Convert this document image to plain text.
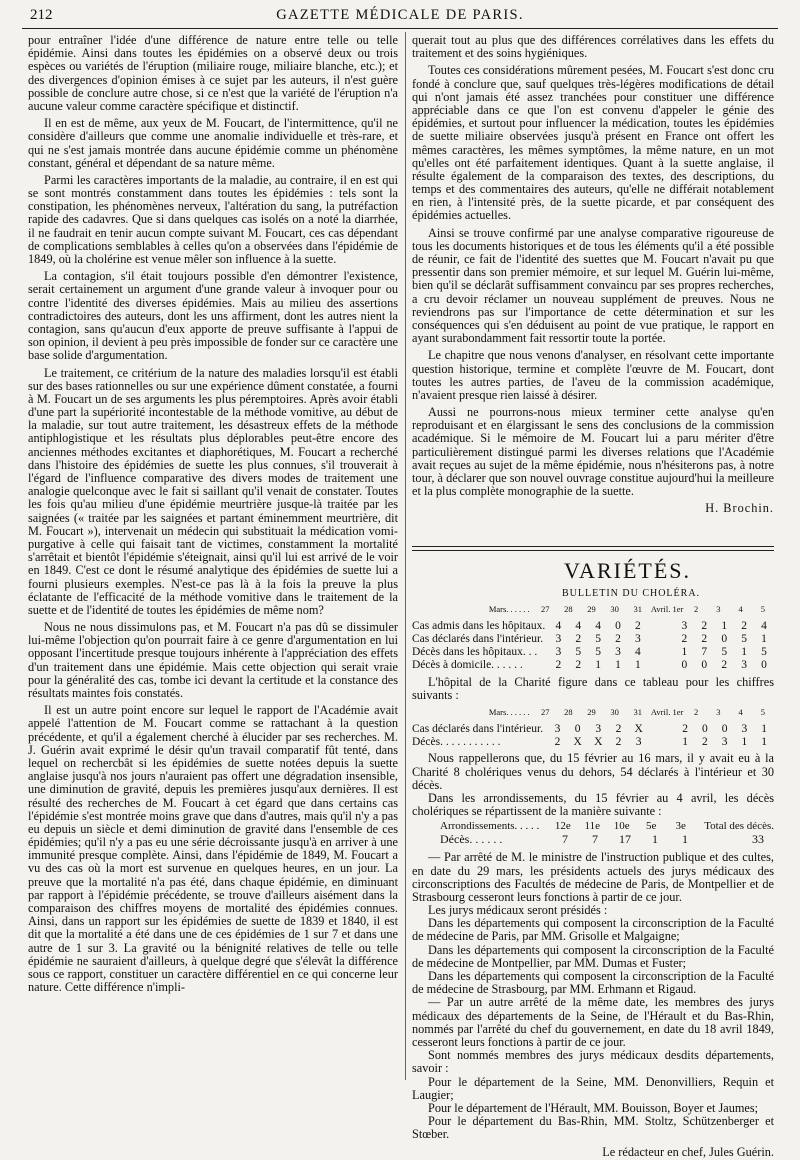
212	GAZETTE MÉDICALE DE PARIS.

pour entraîner l'idée d'une différence de nature entre telle ou telle épidémie. Ainsi dans toutes les épidémies on a observé deux ou trois espèces ou variétés de l'éruption (miliaire rouge, miliaire blanche, etc.); et des divergences d'opinion émises à ce sujet par les auteurs, il n'est guère possible de conclure autre chose, si ce n'est que la variété de l'éruption n'a aucune valeur comme caractère spécifique et distinctif.

Il en est de même, aux yeux de M. Foucart, de l'intermittence, qu'il ne considère d'ailleurs que comme une anomalie individuelle et très-rare, et qui ne s'est jamais montrée dans aucune épidémie comme un phénomène constant, général et dépendant de sa nature même.

Parmi les caractères importants de la maladie, au contraire, il en est qui se sont montrés constamment dans toutes les épidémies : tels sont la constipation, les phénomènes nerveux, l'altération du sang, la putréfaction rapide des cadavres. Que si dans quelques cas isolés on a noté la diarrhée, il ne faudrait en tenir aucun compte suivant M. Foucart, ces cas dépendant de complications semblables à celles qu'on a observées dans l'épidémie de 1849, où la cholérine est venue mêler son influence à la suette.

La contagion, s'il était toujours possible d'en démontrer l'existence, serait certainement un argument d'une grande valeur à invoquer pour ou contre l'identité des diverses épidémies. Mais au milieu des assertions contradictoires des auteurs, dont les uns affirment, dont les autres nient la contagion, sans qu'aucun d'eux apporte de preuve suffisante à l'appui de son opinion, il devient à peu près impossible de fonder sur ce caractère une base solide d'argumentation.

Le traitement, ce critérium de la nature des maladies lorsqu'il est établi sur des bases rationnelles ou sur une expérience dûment constatée, a fourni à M. Foucart un de ses arguments les plus péremptoires. Après avoir établi d'une part la supériorité incontestable de la méthode vomitive, au début de la maladie, sur tout autre traitement, les désastreux effets de la méthode antiphlogistique et les résultats plus déplorables peut-être encore des anciennes méthodes excitantes et diaphorétiques, M. Foucart a recherché dans l'histoire des épidémies de suette les plus connues, s'il trouverait à l'égard de l'influence comparative des divers modes de traitement une analogie quelconque avec le fait si saillant qu'il venait de constater. Toutes les fois qu'au milieu d'une épidémie meurtrière jusque-là traitée par les saignées (« traitée par les saignées et partant éminemment meurtrière, dit M. Foucart »), intervenait un médecin qui substituait la médication vomi-purgative à celle qui faisait tant de victimes, constamment la mortalité s'arrêtait et bientôt l'épidémie s'éteignait, ainsi qu'il lui est arrivé de le voir en 1849. C'est ce dont le résumé analytique des épidémies de suette lui a fourni plusieurs exemples. N'est-ce pas là à la fois la preuve la plus éclatante de l'efficacité de la méthode vomitive dans le traitement de la suette et de l'identité de toutes les épidémies de même nom?

Nous ne nous dissimulons pas, et M. Foucart n'a pas dû se dissimuler lui-même l'objection qu'on pourrait faire à ce genre d'argumentation en lui opposant l'incertitude presque toujours inhérente à l'appréciation des effets d'un traitement dans une épidémie. Mais cette objection qui serait vraie pour la généralité des cas, tombe ici devant la certitude et la constance des résultats maintes fois constatés.

Il est un autre point encore sur lequel le rapport de l'Académie avait appelé l'attention de M. Foucart comme se rattachant à la question précédente, et qu'il a également cherché à élucider par ses recherches. M. J. Guérin avait exprimé le désir qu'un travail comparatif fût tenté, dans lequel on rechercbât si les épidémies de suette notées depuis la suette anglaise jusqu'à nos jours n'auraient pas offert une dégradation insensible, une diminution de gravité, depuis les premières jusqu'aux dernières. Il est résulté des recherches de M. Foucart à cet égard que dans certains cas l'épidémie s'est montrée moins grave que dans d'autres, mais qu'il n'y a pas eu depuis un siècle et demi diminution de gravité dans l'ensemble de ces épidémies; qu'il n'y a pas eu une série décroissante jusqu'à en arriver à une immunité presque complète. Ainsi, dans l'épidémie de 1849, M. Foucart a vu des cas où la mort est survenue en quelques heures, en un jour. La preuve que la mortalité n'a pas été, dans chaque épidémie, en diminuant par rapport à l'épidémie précédente, se trouve d'ailleurs aisément dans la comparaison des chiffres moyens de mortalité des épidémies connues. Ainsi, dans un rapport sur les épidémies de suette de 1839 et 1840, il est dit que la mortalité a été dans une de ces épidémies de 1 sur 7 et dans une autre de 1 sur 3. La gravité ou la bénignité relatives de telle ou telle épidémie ne sauraient d'ailleurs, à quelque degré que s'élevât la différence sous ce rapport, constituer un caractère différentiel en ce qui concerne leur nature. Cette différence n'impli-

querait tout au plus que des différences corrélatives dans les effets du traitement et des soins hygiéniques.

Toutes ces considérations mûrement pesées, M. Foucart s'est donc cru fondé à conclure que, sauf quelques très-légères modifications de détail qui n'ont jamais été assez tranchées pour constituer une différence appréciable dans ce que l'on est convenu d'appeler le génie des épidémies, et surtout pour influencer la médication, toutes les épidémies de suette miliaire observées jusqu'à présent en France ont offert les mêmes caractères, les mêmes symptômes, la même nature, en un mot qu'elles ont été parfaitement identiques. Quant à la suette anglaise, il résulte également de la comparaison des textes, des descriptions, du temps et des commentaires des auteurs, qu'elle ne différait notablement en rien, à l'intensité près, de la suette picarde, et par conséquent des épidémies actuelles.

Ainsi se trouve confirmé par une analyse comparative rigoureuse de tous les documents historiques et de tous les éléments qu'il a été possible de réunir, ce fait de l'identité des suettes que M. Foucart n'avait pu que pressentir dans son premier mémoire, et sur lequel M. Guérin lui-même, bien qu'il se déclarât suffisamment convaincu par ses propres recherches, a cru devoir réclamer un nouveau supplément de preuves. Nous ne reviendrons pas sur l'importance de cette détermination et sur les conséquences qui s'en déduisent au point de vue pratique, le rapport en ayant surabondamment fait ressortir toute la portée.

Le chapitre que nous venons d'analyser, en résolvant cette importante question historique, termine et complète l'œuvre de M. Foucart, dont toutes les autres parties, de l'aveu de la commission académique, n'avaient presque rien laissé à désirer.

Aussi ne pourrons-nous mieux terminer cette analyse qu'en reproduisant et en élargissant le sens des conclusions de la commission académique. Si le mémoire de M. Foucart lui a paru mériter d'être particulièrement distingué parmi les diverses relations que l'Académie avait reçues au sujet de la même épidémie, nous n'hésiterons pas, à notre tour, à déclarer que son nouvel ouvrage constitue aujourd'hui la meilleure et la plus complète monographie de la suette.

H. Brochin.
VARIÉTÉS.
BULLETIN DU CHOLÉRA.
Mars. . . . . .	27	28	29	30	31	Avril. 1er	2	3	4	5
Cas admis dans les hôpitaux.	4	4	4	0	2		3	2	1	2	4
Cas déclarés dans l'intérieur.	3	2	5	2	3		2	2	0	5	1
Décès dans les hôpitaux. . .	3	5	5	3	4		1	7	5	1	5
Décès à domicile. . . . . .	2	2	1	1	1		0	0	2	3	0

L'hôpital de la Charité figure dans ce tableau pour les chiffres suivants :

Mars. . . . . .	27	28	29	30	31	Avril. 1er	2	3	4	5
Cas déclarés dans l'intérieur.	3	0	3	2	X		2	0	0	3	1
Décès. . . . . . . . . . .	2	X	X	2	3		1	2	3	1	1

Nous rappellerons que, du 15 février au 16 mars, il y avait eu à la Charité 8 cholériques venus du dehors, 54 déclarés à l'intérieur et 30 décès.

Dans les arrondissements, du 15 février au 4 avril, les décès cholériques se répartissent de la manière suivante :

Arrondissements. . . . .	12e	11e	10e	5e	3e	Total des décès.
Décès. . . . . .	7	7	17	1	1	33

— Par arrêté de M. le ministre de l'instruction publique et des cultes, en date du 29 mars, les présidents actuels des jurys médicaux des circonscriptions des Facultés de médecine de Paris, de Montpellier et de Strasbourg cesseront leurs fonctions à partir de ce jour.

Les jurys médicaux seront présidés :

Dans les départements qui composent la circonscription de la Faculté de médecine de Paris, par MM. Grisolle et Malgaigne;

Dans les départements qui composent la circonscription de la Faculté de médecine de Montpellier, par MM. Dumas et Fuster;

Dans les départements qui composent la circonscription de la Faculté de médecine de Strasbourg, par MM. Erhmann et Rigaud.

— Par un autre arrêté de la même date, les membres des jurys médicaux des départements de la Seine, de l'Hérault et du Bas-Rhin, nommés par l'arrêté du chef du gouvernement, en date du 18 avril 1849, cesseront leurs fonctions à partir de ce jour.

Sont nommés membres des jurys médicaux desdits départements, savoir :

Pour le département de la Seine, MM. Denonvilliers, Requin et Laugier;

Pour le département de l'Hérault, MM. Bouisson, Boyer et Jaumes;

Pour le département du Bas-Rhin, MM. Stoltz, Schützenberger et Stœber.

Le rédacteur en chef, Jules Guérin.
